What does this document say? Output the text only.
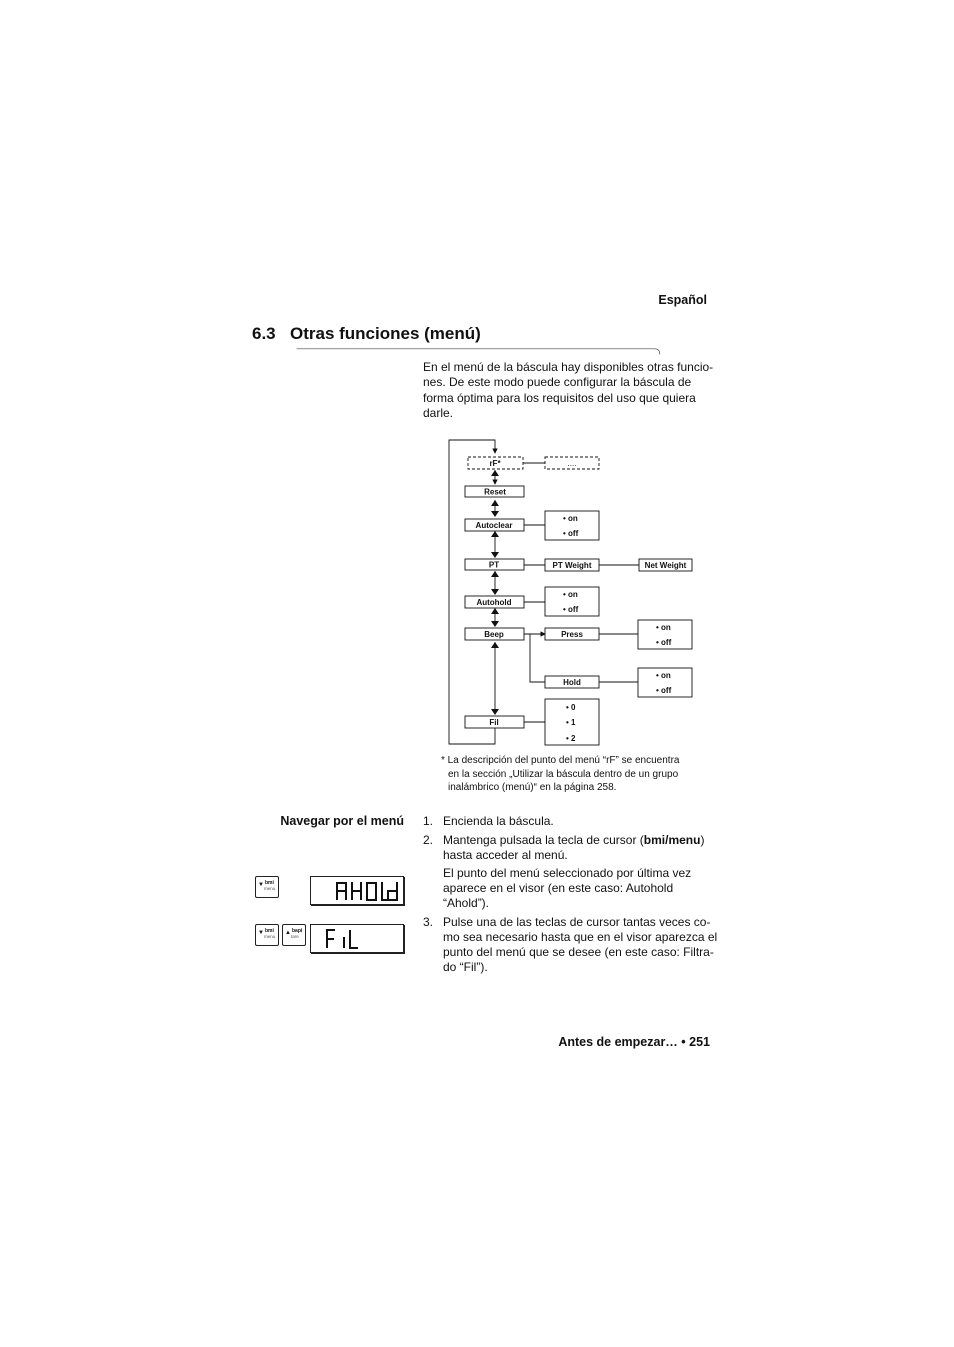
Español
6.3 Otras funciones (menú)
En el menú de la báscula hay disponibles otras funcio-
nes. De este modo puede configurar la báscula de
forma óptima para los requisitos del uso que quiera
darle.
rF*	....
Reset
Autoclear
• on
• off
PT	PT Weight	Net Weight
Autohold
• on
• off
Beep	Press
• on
• off
Hold
• on
• off
Fil
• 0
• 1
• 2
* La descripción del punto del menú “rF” se encuentra
en la sección „Utilizar la báscula dentro de un grupo
inalámbrico (menú)“ en la página 258.
Navegar por el menú 1. Encienda la báscula.
2. Mantenga pulsada la tecla de cursor (bmi/menu)
hasta acceder al menú.
El punto del menú seleccionado por última vez
aparece en el visor (en este caso: Autohold
“Ahold”).
3. Pulse una de las teclas de cursor tantas veces co-
mo sea necesario hasta que en el visor aparezca el
punto del menú que se desee (en este caso: Filtra-
do “Fil”).
▼ bmi
menu
▼ bmi
menu
▲ bapi
tare
Antes de empezar… • 251
